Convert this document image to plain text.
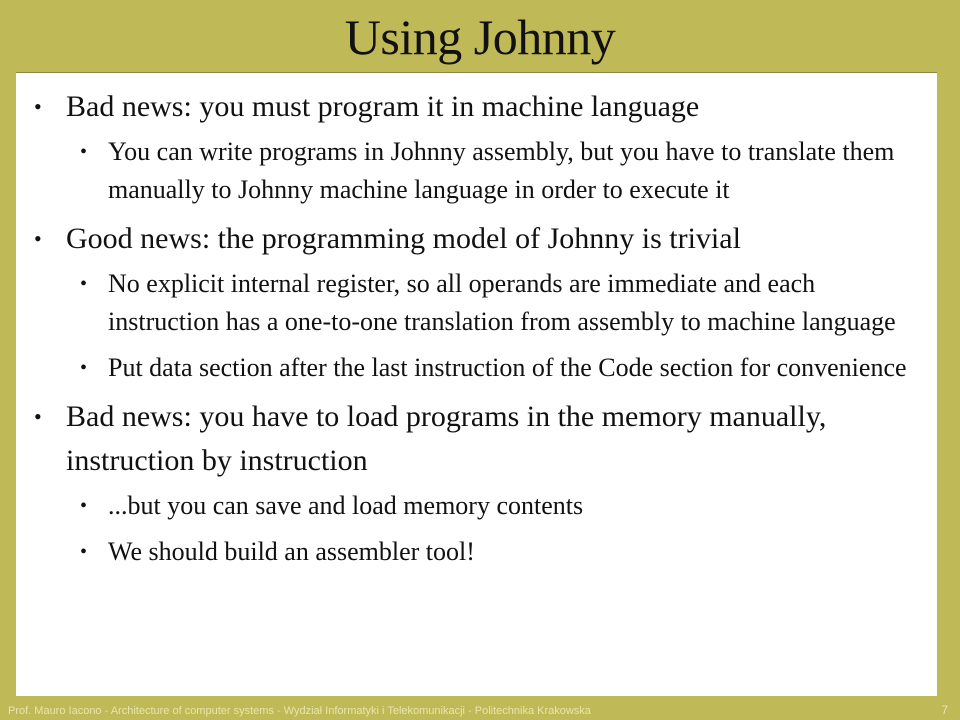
Using Johnny
• Bad news: you must program it in machine language
• You can write programs in Johnny assembly, but you have to translate them manually to Johnny machine language in order to execute it
• Good news: the programming model of Johnny is trivial
• No explicit internal register, so all operands are immediate and each instruction has a one-to-one translation from assembly to machine language
• Put data section after the last instruction of the Code section for convenience
• Bad news: you have to load programs in the memory manually, instruction by instruction
• ...but you can save and load memory contents
• We should build an assembler tool!
Prof. Mauro Iacono - Architecture of computer systems - Wydział Informatyki i Telekomunikacji - Politechnika Krakowska	7
